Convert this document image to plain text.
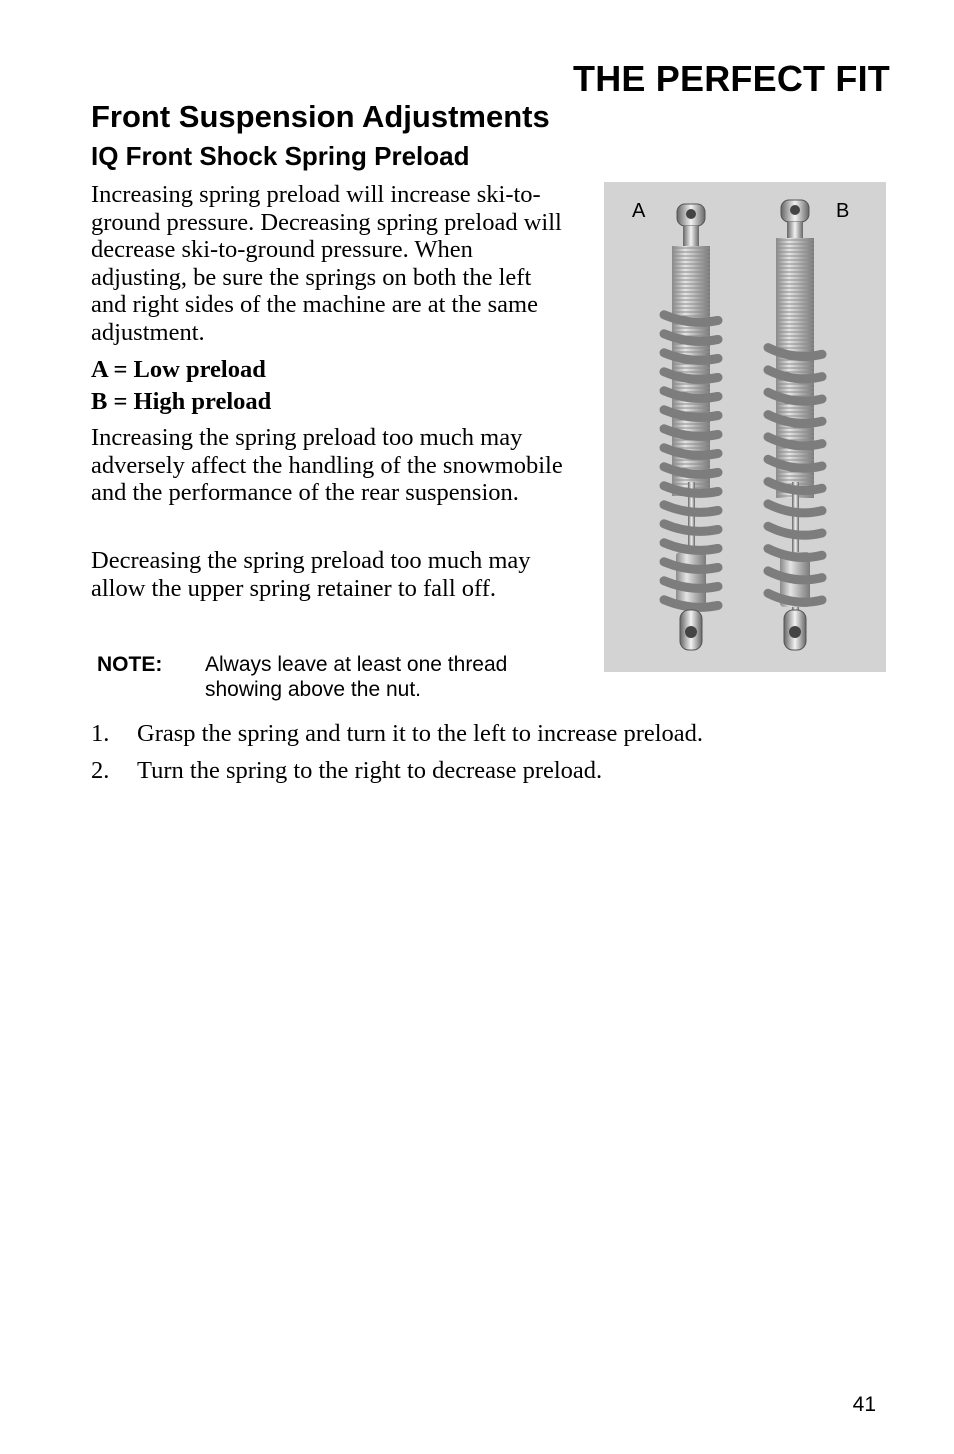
THE PERFECT FIT
Front Suspension Adjustments
IQ Front Shock Spring Preload

Increasing spring preload will increase ski-to-ground pressure. Decreasing spring preload will decrease ski-to-ground pressure. When adjusting, be sure the springs on both the left and right sides of the machine are at the same adjustment.

A = Low preload

B = High preload

Increasing the spring preload too much may adversely affect the handling of the snowmobile and the performance of the rear suspension.

Decreasing the spring preload too much may allow the upper spring retainer to fall off.

NOTE: Always leave at least one thread showing above the nut.
1. Grasp the spring and turn it to the left to increase preload.
2. Turn the spring to the right to decrease preload.
A	B
41
